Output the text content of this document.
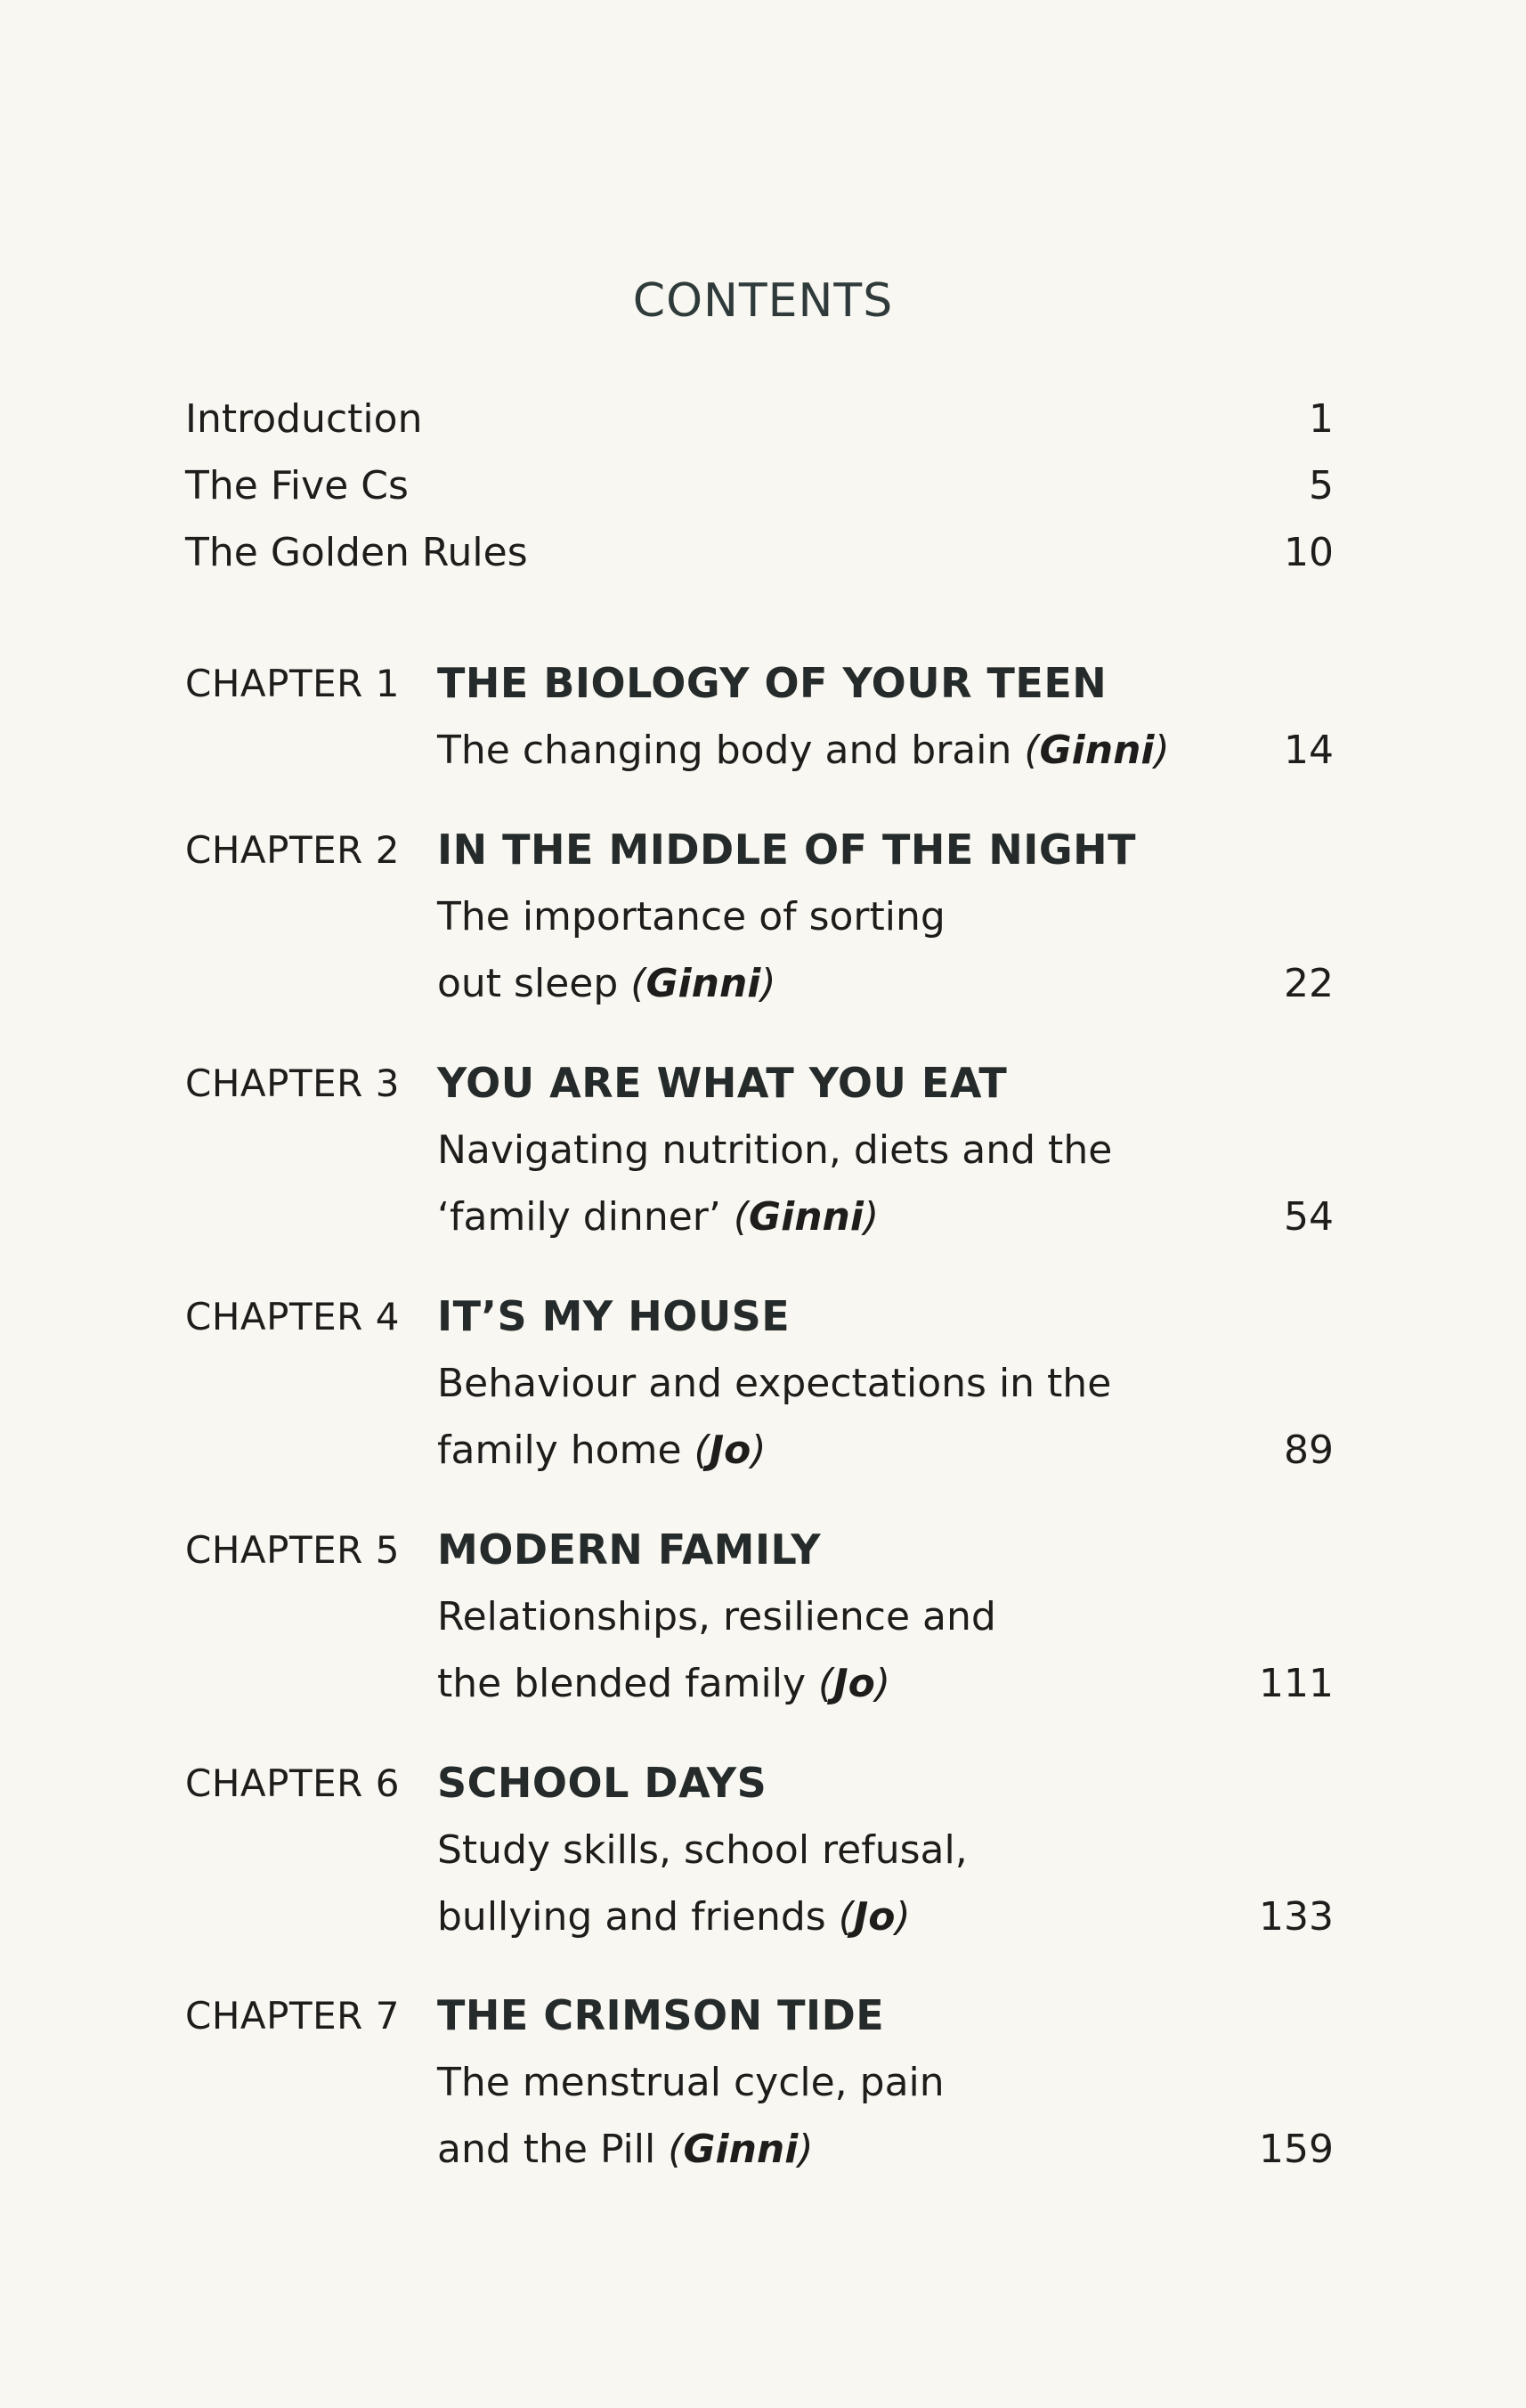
CONTENTS
Introduction	1
The Five Cs	5
The Golden Rules	10
CHAPTER 1 THE BIOLOGY OF YOUR TEEN
The changing body and brain (Ginni)	14
CHAPTER 2 IN THE MIDDLE OF THE NIGHT
The importance of sorting
out sleep (Ginni)	22
CHAPTER 3 YOU ARE WHAT YOU EAT
Navigating nutrition, diets and the
‘family dinner’ (Ginni)	54
CHAPTER 4 IT’S MY HOUSE
Behaviour and expectations in the
family home (Jo)	89
CHAPTER 5 MODERN FAMILY
Relationships, resilience and
the blended family (Jo)	111
CHAPTER 6 SCHOOL DAYS
Study skills, school refusal,
bullying and friends (Jo)	133
CHAPTER 7 THE CRIMSON TIDE
The menstrual cycle, pain
and the Pill (Ginni)	159
